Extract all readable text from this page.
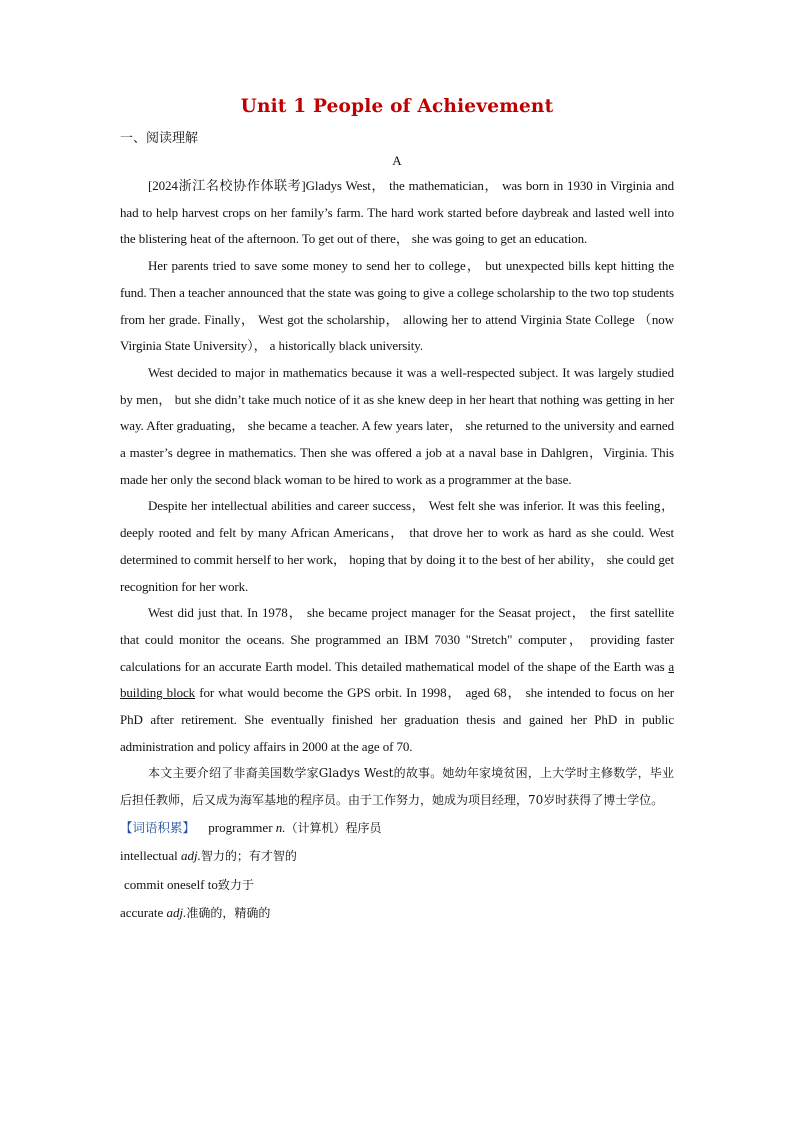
Unit 1 People of Achievement
一、阅读理解
A

[2024浙江名校协作体联考]Gladys West， the mathematician， was born in 1930 in Virginia and had to help harvest crops on her family’s farm. The hard work started before daybreak and lasted well into the blistering heat of the afternoon. To get out of there， she was going to get an education.

Her parents tried to save some money to send her to college， but unexpected bills kept hitting the fund. Then a teacher announced that the state was going to give a college scholarship to the two top students from her grade. Finally， West got the scholarship， allowing her to attend Virginia State College （now Virginia State University）， a historically black university.

West decided to major in mathematics because it was a well-respected subject. It was largely studied by men， but she didn’t take much notice of it as she knew deep in her heart that nothing was getting in her way. After graduating， she became a teacher. A few years later， she returned to the university and earned a master’s degree in mathematics. Then she was offered a job at a naval base in Dahlgren，Virginia. This made her only the second black woman to be hired to work as a programmer at the base.

Despite her intellectual abilities and career success， West felt she was inferior. It was this feeling， deeply rooted and felt by many African Americans， that drove her to work as hard as she could. West determined to commit herself to her work， hoping that by doing it to the best of her ability， she could get recognition for her work.

West did just that. In 1978， she became project manager for the Seasat project， the first satellite that could monitor the oceans. She programmed an IBM 7030 "Stretch" computer， providing faster calculations for an accurate Earth model. This detailed mathematical model of the shape of the Earth was a building block for what would become the GPS orbit. In 1998， aged 68， she intended to focus on her PhD after retirement. She eventually finished her graduation thesis and gained her PhD in public administration and policy affairs in 2000 at the age of 70.

本文主要介绍了非裔美国数学家Gladys West的故事。她幼年家境贫困，上大学时主修数学，毕业后担任教师，后又成为海军基地的程序员。由于工作努力，她成为项目经理，70岁时获得了博士学位。

【词语积累】 programmer n.（计算机）程序员
intellectual adj.智力的；有才智的
commit oneself to致力于
accurate adj.准确的，精确的
